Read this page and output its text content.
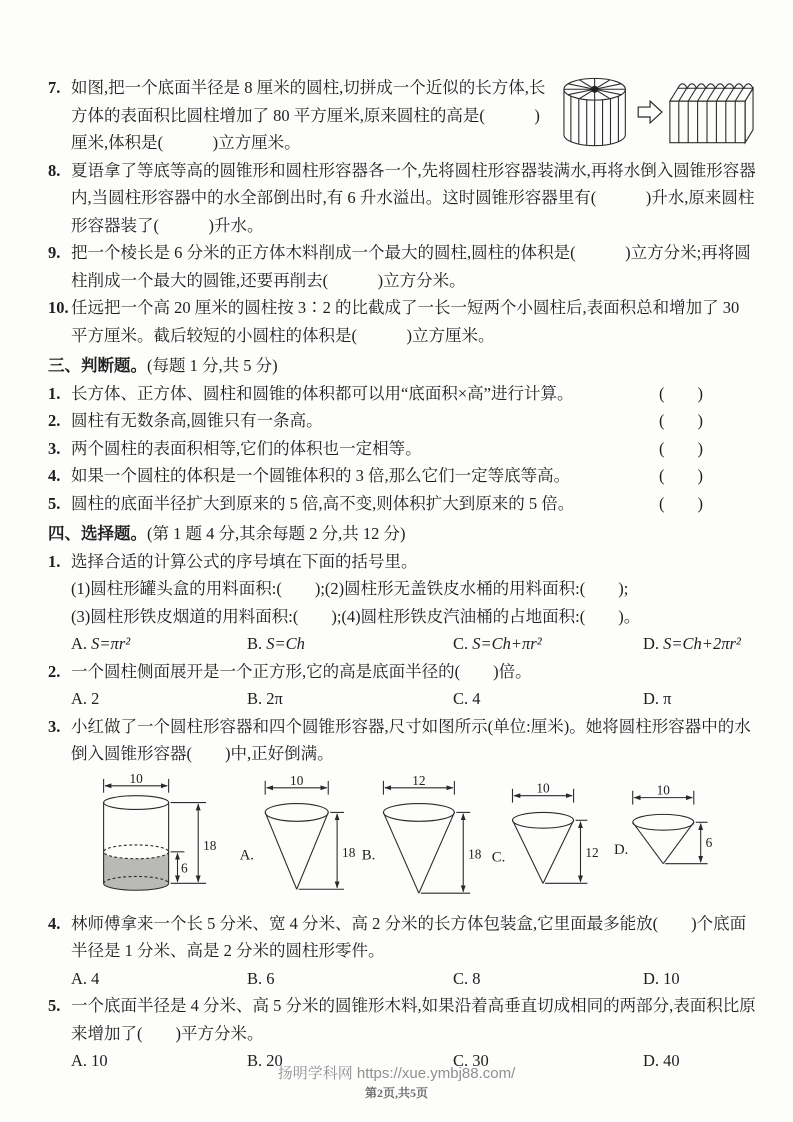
7. 如图,把一个底面半径是 8 厘米的圆柱,切拼成一个近似的长方体,长方体的表面积比圆柱增加了 80 平方厘米,原来圆柱的高是(　　　)厘米,体积是(　　　)立方厘米。
8. 夏语拿了等底等高的圆锥形和圆柱形容器各一个,先将圆柱形容器装满水,再将水倒入圆锥形容器内,当圆柱形容器中的水全部倒出时,有 6 升水溢出。这时圆锥形容器里有(　　　)升水,原来圆柱形容器装了(　　　)升水。
9. 把一个棱长是 6 分米的正方体木料削成一个最大的圆柱,圆柱的体积是(　　　)立方分米;再将圆柱削成一个最大的圆锥,还要再削去(　　　)立方分米。
10. 任远把一个高 20 厘米的圆柱按 3∶2 的比截成了一长一短两个小圆柱后,表面积总和增加了 30 平方厘米。截后较短的小圆柱的体积是(　　　)立方厘米。
三、判断题。(每题 1 分,共 5 分)
1. 长方体、正方体、圆柱和圆锥的体积都可以用“底面积×高”进行计算。	(　　)
2. 圆柱有无数条高,圆锥只有一条高。	(　　)
3. 两个圆柱的表面积相等,它们的体积也一定相等。	(　　)
4. 如果一个圆柱的体积是一个圆锥体积的 3 倍,那么它们一定等底等高。	(　　)
5. 圆柱的底面半径扩大到原来的 5 倍,高不变,则体积扩大到原来的 5 倍。	(　　)
四、选择题。(第 1 题 4 分,其余每题 2 分,共 12 分)
1. 选择合适的计算公式的序号填在下面的括号里。
(1)圆柱形罐头盒的用料面积:(　　);(2)圆柱形无盖铁皮水桶的用料面积:(　　);
(3)圆柱形铁皮烟道的用料面积:(　　);(4)圆柱形铁皮汽油桶的占地面积:(　　)。
A. S=πr²	B. S=Ch	C. S=Ch+πr²	D. S=Ch+2πr²
2. 一个圆柱侧面展开是一个正方形,它的高是底面半径的(　　)倍。
A. 2	B. 2π	C. 4	D. π
3. 小红做了一个圆柱形容器和四个圆锥形容器,尺寸如图所示(单位:厘米)。她将圆柱形容器中的水倒入圆锥形容器(　　)中,正好倒满。
10
18
6
10
18
A.
12
18
B.
10
12
C.
10
6
D.
4. 林师傅拿来一个长 5 分米、宽 4 分米、高 2 分米的长方体包装盒,它里面最多能放(　　)个底面半径是 1 分米、高是 2 分米的圆柱形零件。
A. 4	B. 6	C. 8	D. 10
5. 一个底面半径是 4 分米、高 5 分米的圆锥形木料,如果沿着高垂直切成相同的两部分,表面积比原来增加了(　　)平方分米。
A. 10	B. 20	C. 30	D. 40
扬明学科网 https://xue.ymbj88.com/
第2页,共5页
